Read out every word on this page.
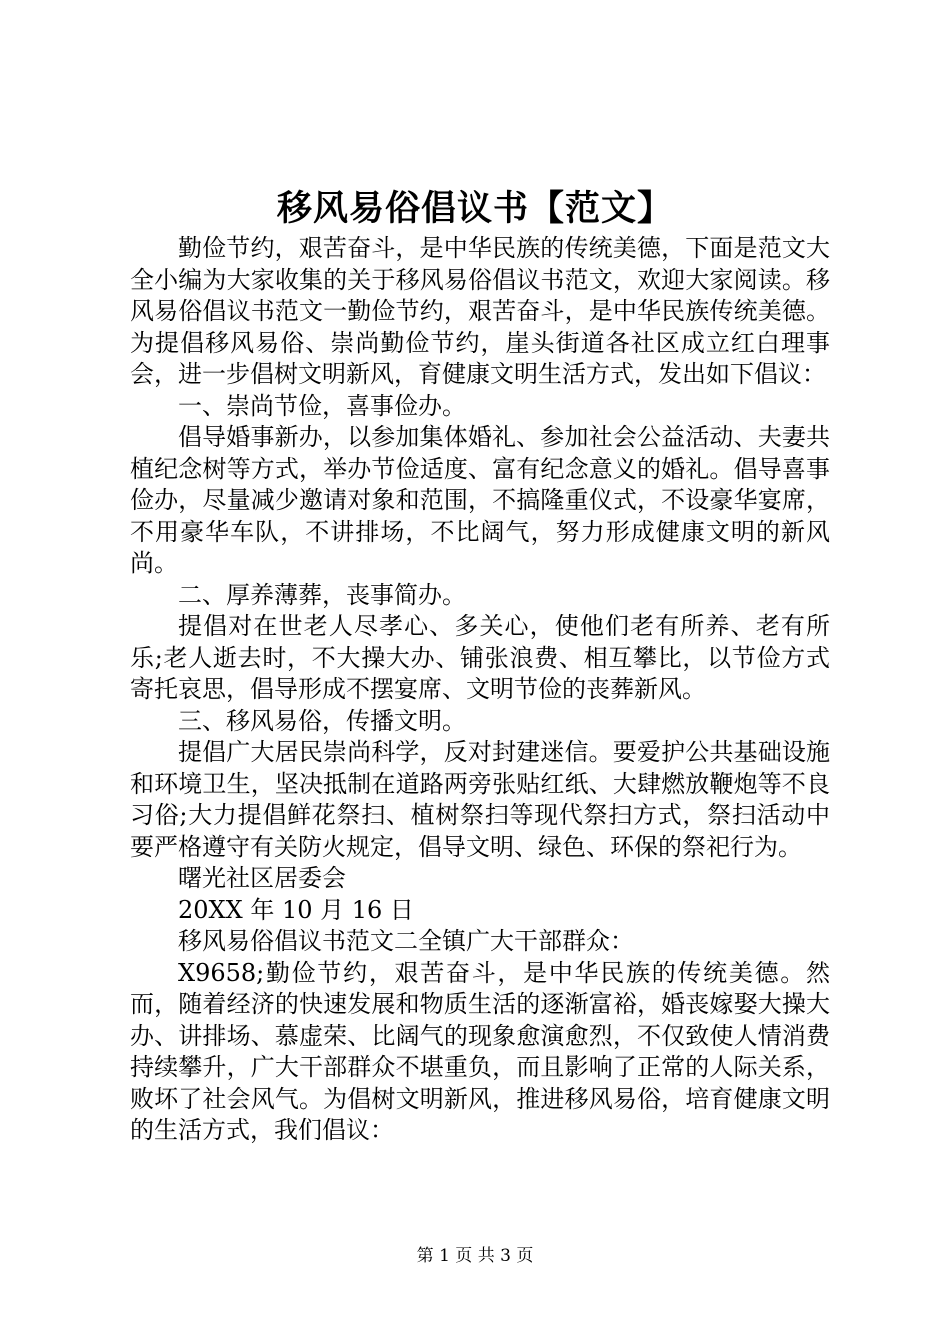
移风易俗倡议书【范文】

勤俭节约，艰苦奋斗，是中华民族的传统美德，下面是范文大全小编为大家收集的关于移风易俗倡议书范文，欢迎大家阅读。移风易俗倡议书范文一勤俭节约，艰苦奋斗，是中华民族传统美德。为提倡移风易俗、崇尚勤俭节约，崖头街道各社区成立红白理事会，进一步倡树文明新风，育健康文明生活方式，发出如下倡议：

一、崇尚节俭，喜事俭办。

倡导婚事新办，以参加集体婚礼、参加社会公益活动、夫妻共植纪念树等方式，举办节俭适度、富有纪念意义的婚礼。倡导喜事俭办，尽量减少邀请对象和范围，不搞隆重仪式，不设豪华宴席，不用豪华车队，不讲排场，不比阔气，努力形成健康文明的新风尚。

二、厚养薄葬，丧事简办。

提倡对在世老人尽孝心、多关心，使他们老有所养、老有所乐;老人逝去时，不大操大办、铺张浪费、相互攀比，以节俭方式寄托哀思，倡导形成不摆宴席、文明节俭的丧葬新风。

三、移风易俗，传播文明。

提倡广大居民崇尚科学，反对封建迷信。要爱护公共基础设施和环境卫生，坚决抵制在道路两旁张贴红纸、大肆燃放鞭炮等不良习俗;大力提倡鲜花祭扫、植树祭扫等现代祭扫方式，祭扫活动中要严格遵守有关防火规定，倡导文明、绿色、环保的祭祀行为。

曙光社区居委会

20XX 年 10 月 16 日

移风易俗倡议书范文二全镇广大干部群众：

X9658;勤俭节约，艰苦奋斗，是中华民族的传统美德。然而，随着经济的快速发展和物质生活的逐渐富裕，婚丧嫁娶大操大办、讲排场、慕虚荣、比阔气的现象愈演愈烈，不仅致使人情消费持续攀升，广大干部群众不堪重负，而且影响了正常的人际关系，败坏了社会风气。为倡树文明新风，推进移风易俗，培育健康文明的生活方式，我们倡议：

第 1 页 共 3 页
